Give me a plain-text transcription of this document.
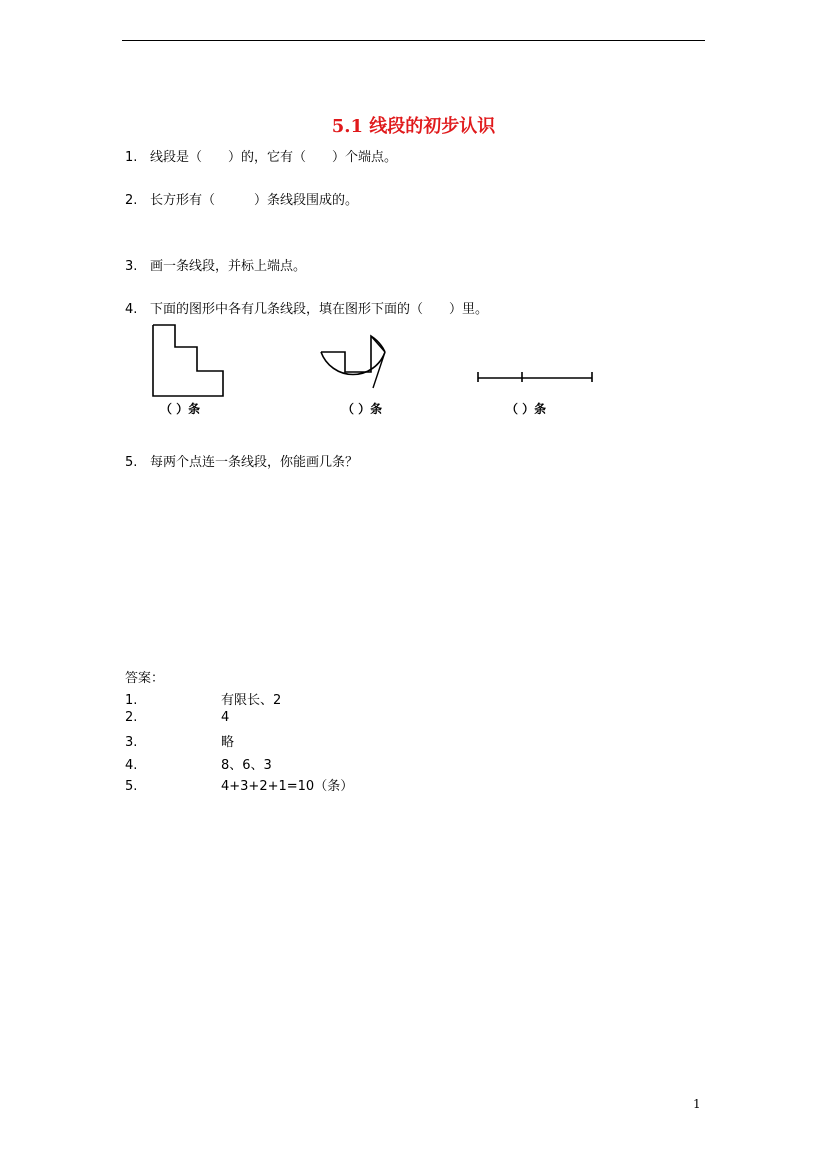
5.1 线段的初步认识
1. 线段是（　　）的，它有（　　）个端点。
2. 长方形有（　　　）条线段围成的。
3. 画一条线段，并标上端点。
4. 下面的图形中各有几条线段，填在图形下面的（　　）里。
（ ）条	（ ）条	（ ）条
5. 每两个点连一条线段，你能画几条？
答案：
1.	有限长、2
2.	4
3.	略
4.	8、6、3
5.	4+3+2+1=10（条）
1
